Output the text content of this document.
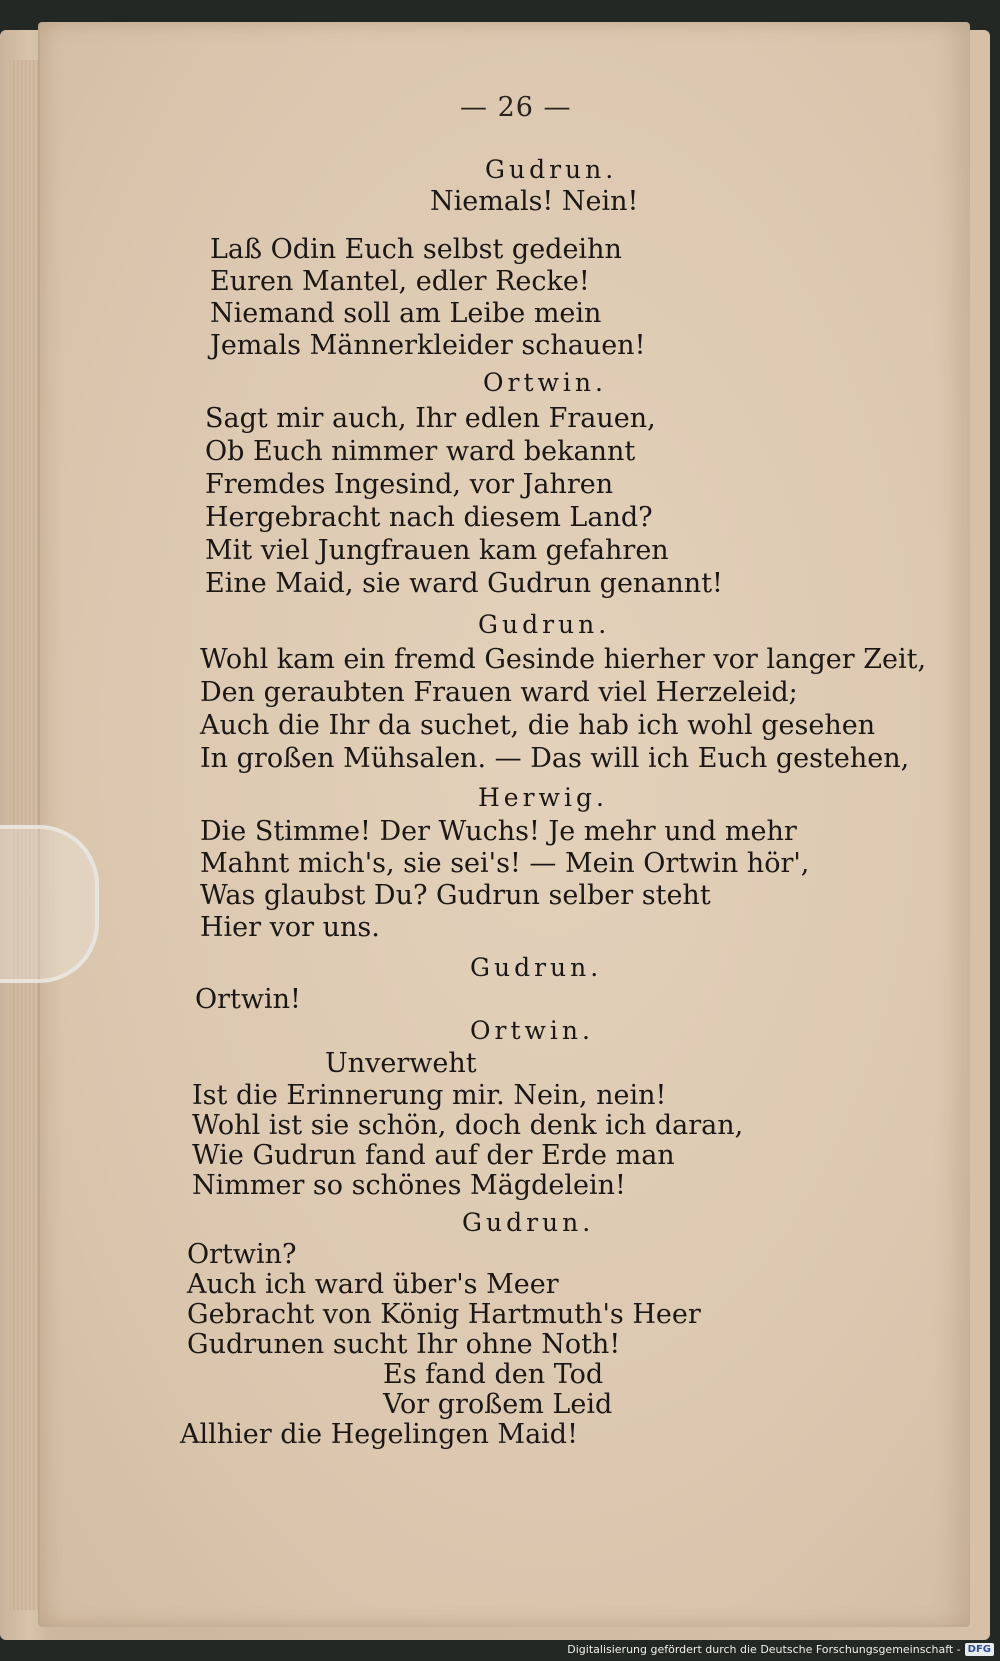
— 26 —
Gudrun.
Niemals! Nein!
Laß Odin Euch selbst gedeihn
Euren Mantel, edler Recke!
Niemand soll am Leibe mein
Jemals Männerkleider schauen!
Ortwin.
Sagt mir auch, Ihr edlen Frauen,
Ob Euch nimmer ward bekannt
Fremdes Ingesind, vor Jahren
Hergebracht nach diesem Land?
Mit viel Jungfrauen kam gefahren
Eine Maid, sie ward Gudrun genannt!
Gudrun.
Wohl kam ein fremd Gesinde hierher vor langer Zeit,
Den geraubten Frauen ward viel Herzeleid;
Auch die Ihr da suchet, die hab ich wohl gesehen
In großen Mühsalen. — Das will ich Euch gestehen,
Herwig.
Die Stimme! Der Wuchs! Je mehr und mehr
Mahnt mich's, sie sei's! — Mein Ortwin hör',
Was glaubst Du? Gudrun selber steht
Hier vor uns.
Gudrun.
Ortwin!
Ortwin.
Unverweht
Ist die Erinnerung mir. Nein, nein!
Wohl ist sie schön, doch denk ich daran,
Wie Gudrun fand auf der Erde man
Nimmer so schönes Mägdelein!
Gudrun.
Ortwin?
Auch ich ward über's Meer
Gebracht von König Hartmuth's Heer
Gudrunen sucht Ihr ohne Noth!
Es fand den Tod
Vor großem Leid
Allhier die Hegelingen Maid!
Digitalisierung gefördert durch die Deutsche Forschungsgemeinschaft - DFG
